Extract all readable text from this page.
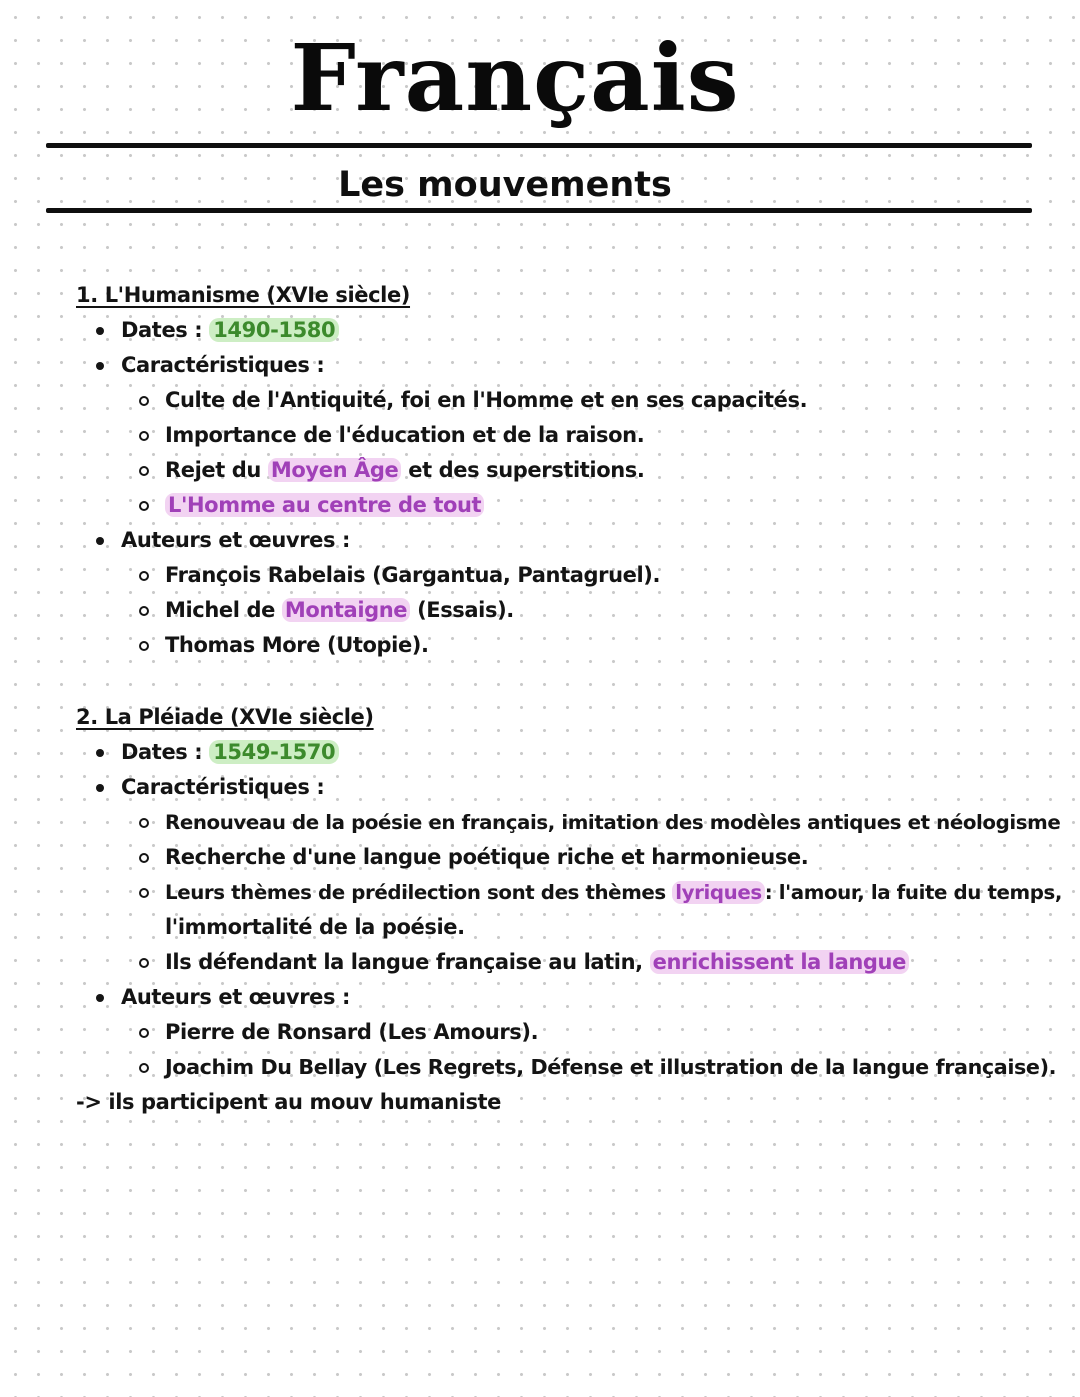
Français
Les mouvements
1. L'Humanisme (XVIe siècle)
Dates : 1490-1580
Caractéristiques :
Culte de l'Antiquité, foi en l'Homme et en ses capacités.
Importance de l'éducation et de la raison.
Rejet du Moyen Âge et des superstitions.
L'Homme au centre de tout
Auteurs et œuvres :
François Rabelais (Gargantua, Pantagruel).
Michel de Montaigne (Essais).
Thomas More (Utopie).
2. La Pléiade (XVIe siècle)
Dates : 1549-1570
Caractéristiques :
Renouveau de la poésie en français, imitation des modèles antiques et néologisme
Recherche d'une langue poétique riche et harmonieuse.
Leurs thèmes de prédilection sont des thèmes lyriques : l'amour, la fuite du temps,
l'immortalité de la poésie.
Ils défendant la langue française au latin, enrichissent la langue
Auteurs et œuvres :
Pierre de Ronsard (Les Amours).
Joachim Du Bellay (Les Regrets, Défense et illustration de la langue française).
-> ils participent au mouv humaniste
